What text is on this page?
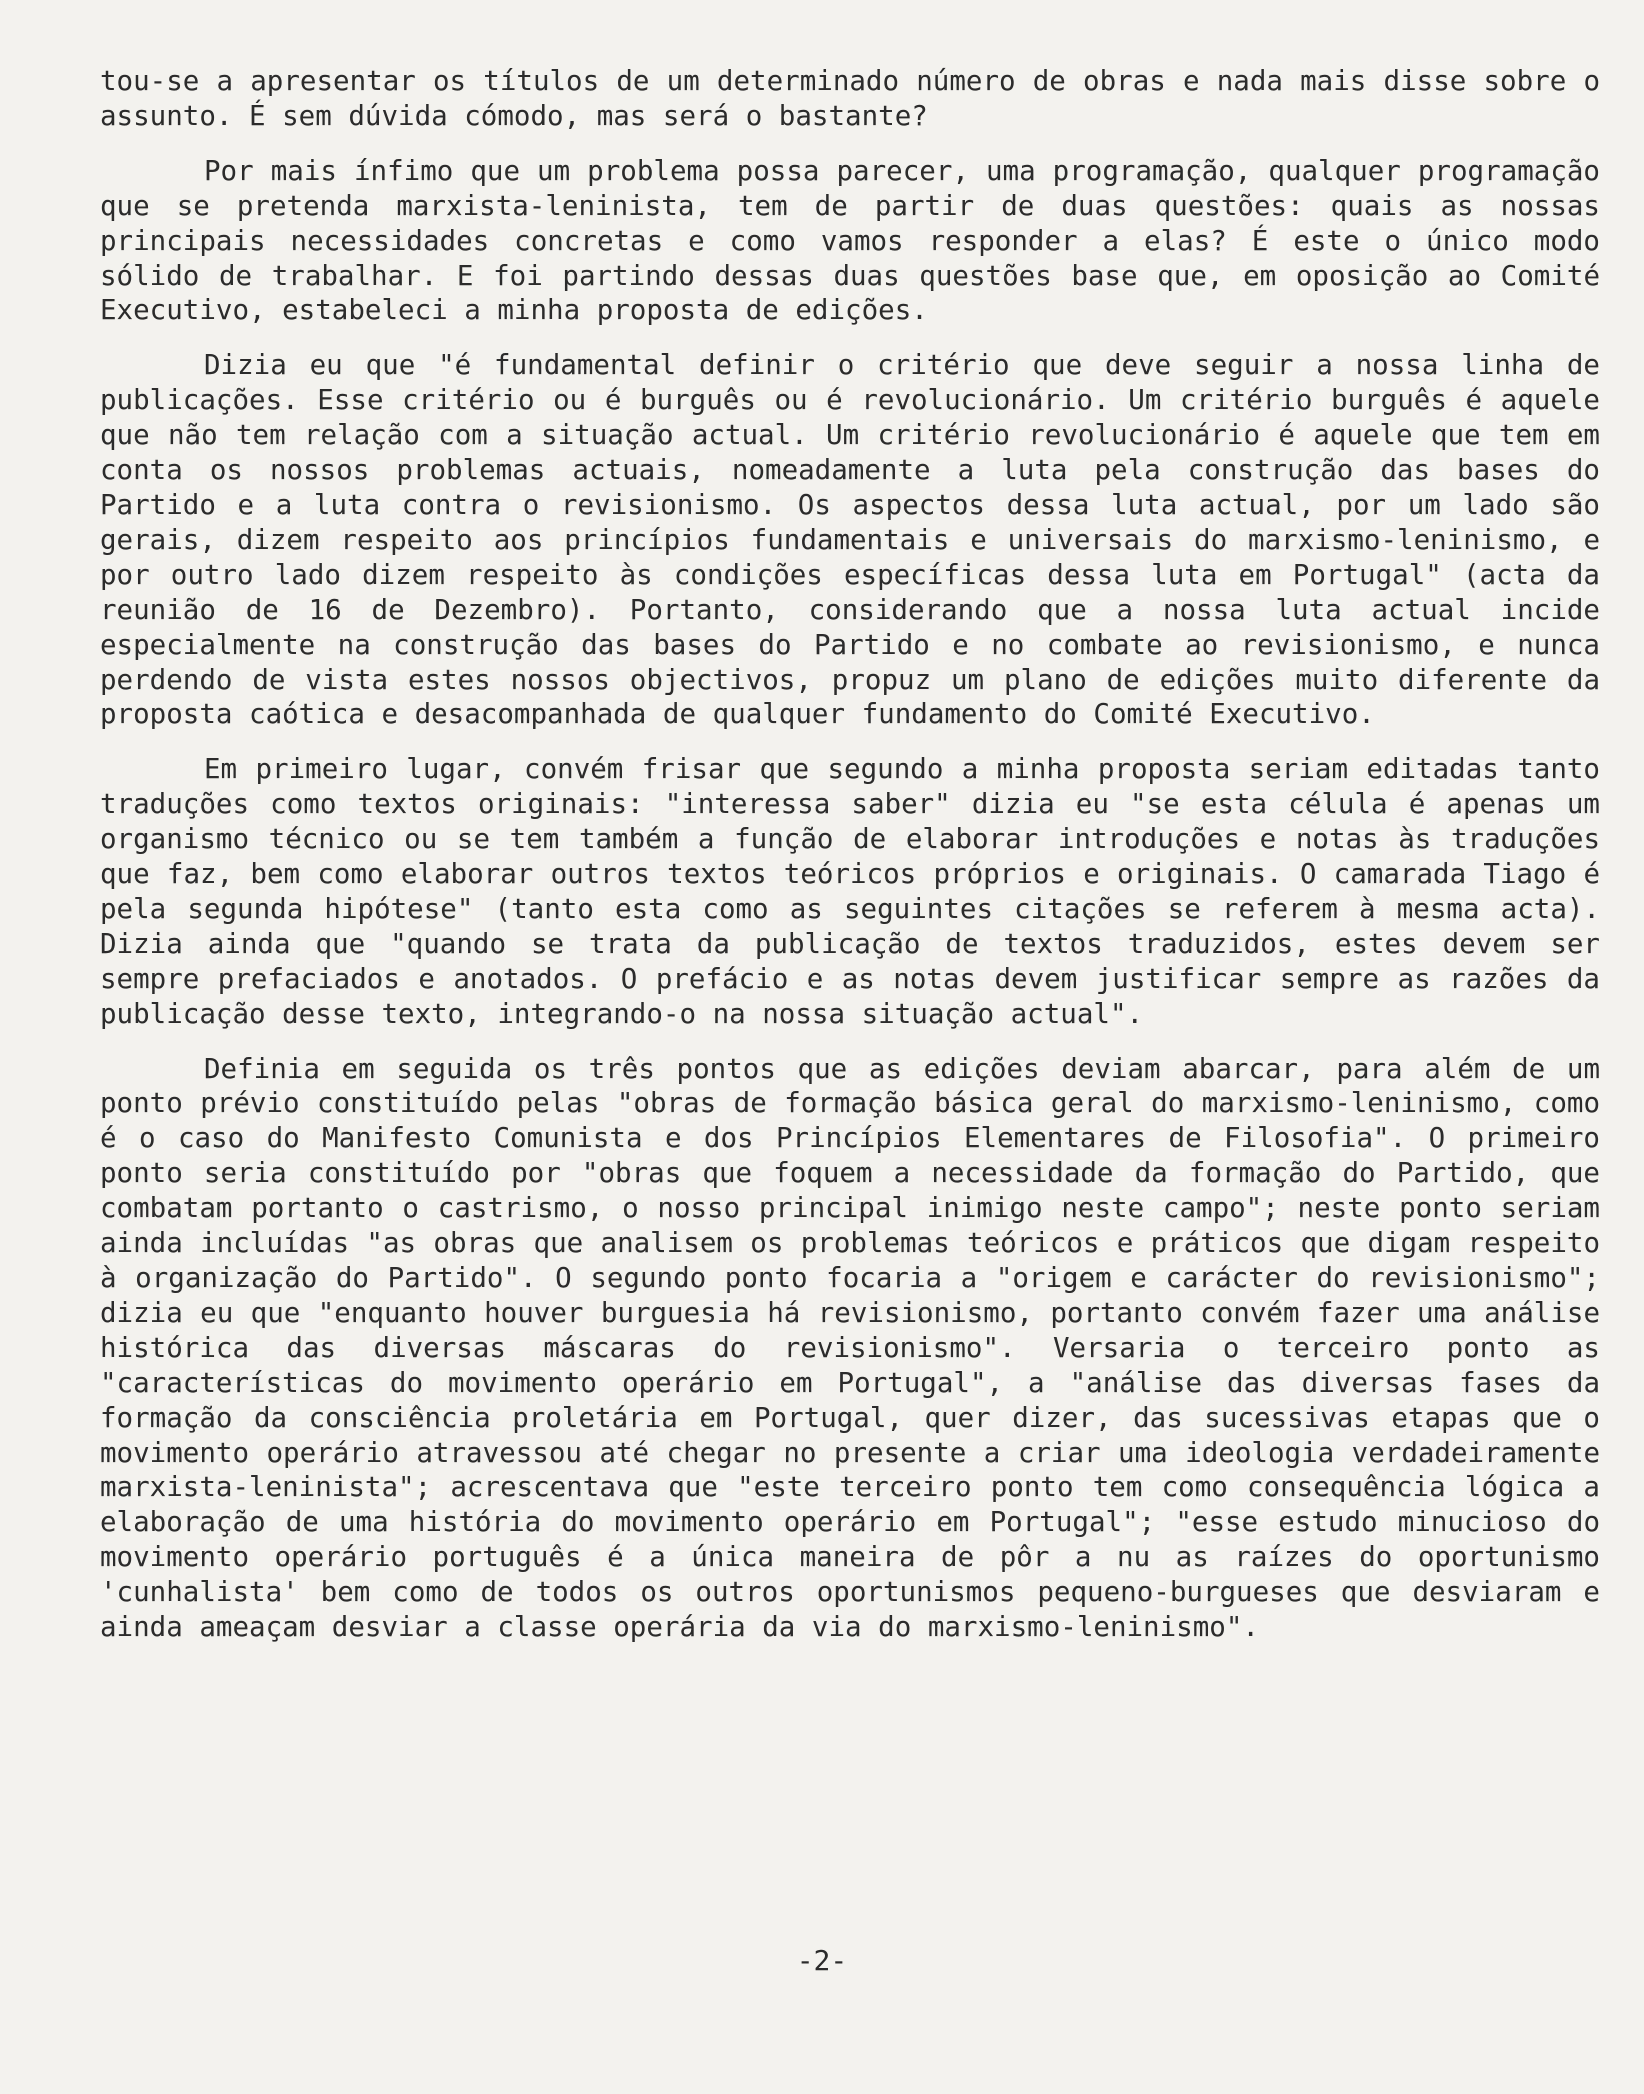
tou-se a apresentar os títulos de um determinado número de obras e nada mais disse sobre o assunto. É sem dúvida cómodo, mas será o bastante?

Por mais ínfimo que um problema possa parecer, uma programação, qualquer programação que se pretenda marxista-leninista, tem de partir de duas questões: quais as nossas principais necessidades concretas e como vamos responder a elas? É este o único modo sólido de trabalhar. E foi partindo dessas duas questões base que, em oposição ao Comité Executivo, estabeleci a minha proposta de edições.

Dizia eu que "é fundamental definir o critério que deve seguir a nossa linha de publicações. Esse critério ou é burguês ou é revolucionário. Um critério burguês é aquele que não tem relação com a situação actual. Um critério revolucionário é aquele que tem em conta os nossos problemas actuais, nomeadamente a luta pela construção das bases do Partido e a luta contra o revisionismo. Os aspectos dessa luta actual, por um lado são gerais, dizem respeito aos princípios fundamentais e universais do marxismo-leninismo, e por outro lado dizem respeito às condições específicas dessa luta em Portugal" (acta da reunião de 16 de Dezembro). Portanto, considerando que a nossa luta actual incide especialmente na construção das bases do Partido e no combate ao revisionismo, e nunca perdendo de vista estes nossos objectivos, propuz um plano de edições muito diferente da proposta caótica e desacompanhada de qualquer fundamento do Comité Executivo.

Em primeiro lugar, convém frisar que segundo a minha proposta seriam editadas tanto traduções como textos originais: "interessa saber" dizia eu "se esta célula é apenas um organismo técnico ou se tem também a função de elaborar introduções e notas às traduções que faz, bem como elaborar outros textos teóricos próprios e originais. O camarada Tiago é pela segunda hipótese" (tanto esta como as seguintes citações se referem à mesma acta). Dizia ainda que "quando se trata da publicação de textos traduzidos, estes devem ser sempre prefaciados e anotados. O prefácio e as notas devem justificar sempre as razões da publicação desse texto, integrando-o na nossa situação actual".

Definia em seguida os três pontos que as edições deviam abarcar, para além de um ponto prévio constituído pelas "obras de formação básica geral do marxismo-leninismo, como é o caso do Manifesto Comunista e dos Princípios Elementares de Filosofia". O primeiro ponto seria constituído por "obras que foquem a necessidade da formação do Partido, que combatam portanto o castrismo, o nosso principal inimigo neste campo"; neste ponto seriam ainda incluídas "as obras que analisem os problemas teóricos e práticos que digam respeito à organização do Partido". O segundo ponto focaria a "origem e carácter do revisionismo"; dizia eu que "enquanto houver burguesia há revisionismo, portanto convém fazer uma análise histórica das diversas máscaras do revisionismo". Versaria o terceiro ponto as "características do movimento operário em Portugal", a "análise das diversas fases da formação da consciência proletária em Portugal, quer dizer, das sucessivas etapas que o movimento operário atravessou até chegar no presente a criar uma ideologia verdadeiramente marxista-leninista"; acrescentava que "este terceiro ponto tem como consequência lógica a elaboração de uma história do movimento operário em Portugal"; "esse estudo minucioso do movimento operário português é a única maneira de pôr a nu as raízes do oportunismo 'cunhalista' bem como de todos os outros oportunismos pequeno-burgueses que desviaram e ainda ameaçam desviar a classe operária da via do marxismo-leninismo".

-2-
